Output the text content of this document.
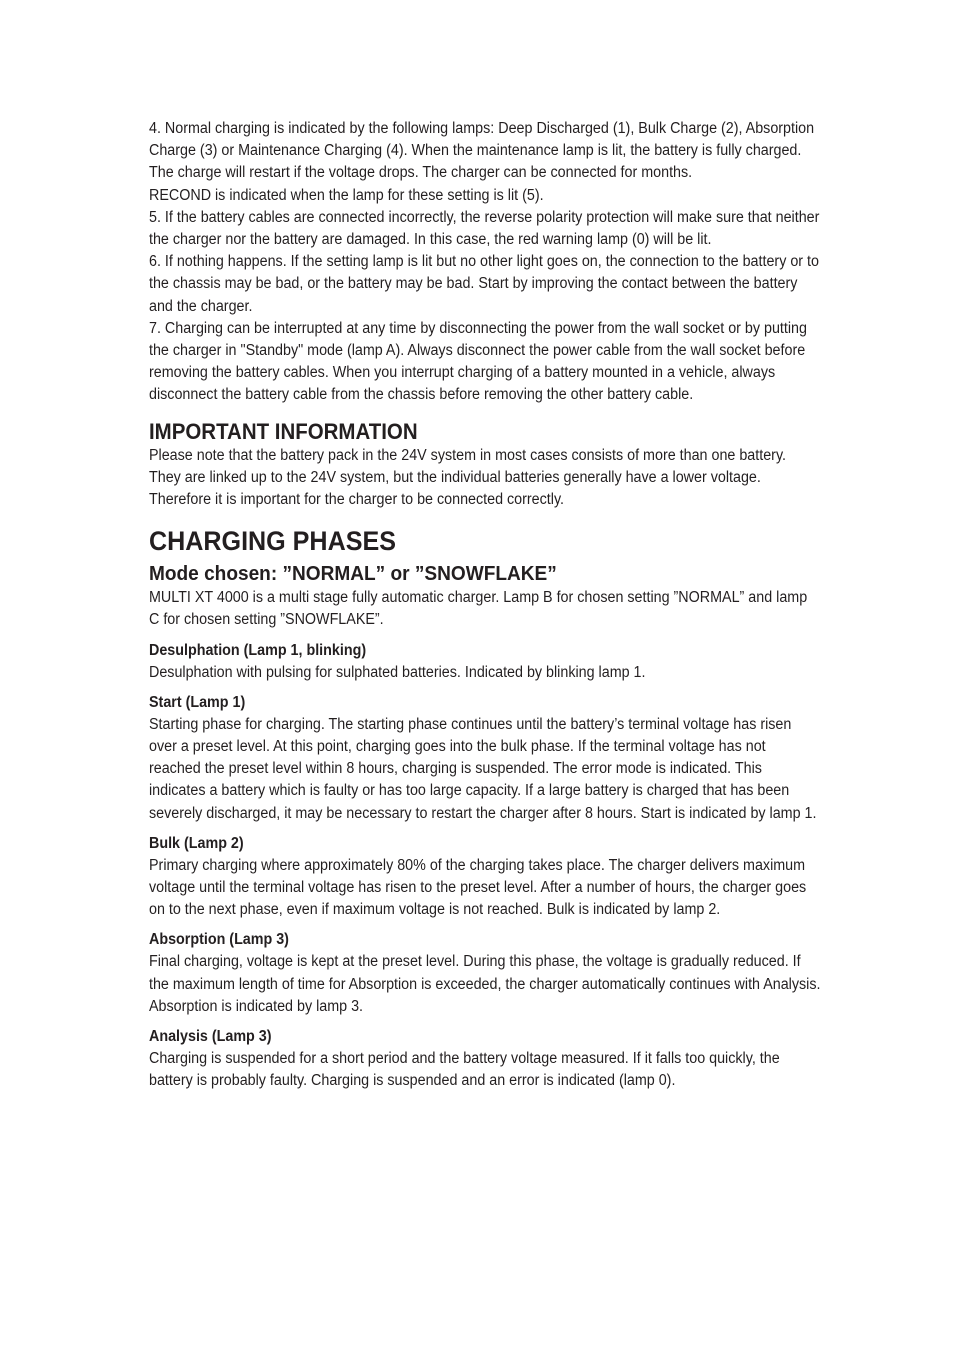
4. Normal charging is indicated by the following lamps: Deep Discharged (1), Bulk Charge (2), Absorption Charge (3) or Maintenance Charging (4). When the maintenance lamp is lit, the battery is fully charged. The charge will restart if the voltage drops. The charger can be connected for months.

RECOND is indicated when the lamp for these setting is lit (5).

5. If the battery cables are connected incorrectly, the reverse polarity protection will make sure that neither the charger nor the battery are damaged. In this case, the red warning lamp (0) will be lit.

6. If nothing happens. If the setting lamp is lit but no other light goes on, the connection to the battery or to the chassis may be bad, or the battery may be bad. Start by improving the contact between the battery and the charger.

7. Charging can be interrupted at any time by disconnecting the power from the wall socket or by putting the charger in "Standby" mode (lamp A). Always disconnect the power cable from the wall socket before removing the battery cables. When you interrupt charging of a battery mounted in a vehicle, always disconnect the battery cable from the chassis before removing the other battery cable.

IMPORTANT INFORMATION

Please note that the battery pack in the 24V system in most cases consists of more than one battery. They are linked up to the 24V system, but the individual batteries generally have a lower voltage. Therefore it is important for the charger to be connected correctly.

CHARGING PHASES
Mode chosen: ”NORMAL” or ”SNOWFLAKE”

MULTI XT 4000 is a multi stage fully automatic charger. Lamp B for chosen setting ”NORMAL” and lamp C for chosen setting ”SNOWFLAKE”.

Desulphation (Lamp 1, blinking)

Desulphation with pulsing for sulphated batteries. Indicated by blinking lamp 1.

Start (Lamp 1)

Starting phase for charging. The starting phase continues until the battery’s terminal voltage has risen over a preset level. At this point, charging goes into the bulk phase. If the terminal voltage has not reached the preset level within 8 hours, charging is suspended. The error mode is indicated. This indicates a battery which is faulty or has too large capacity. If a large battery is charged that has been severely discharged, it may be necessary to restart the charger after 8 hours. Start is indicated by lamp 1.

Bulk (Lamp 2)

Primary charging where approximately 80% of the charging takes place. The charger delivers maximum voltage until the terminal voltage has risen to the preset level. After a number of hours, the charger goes on to the next phase, even if maximum voltage is not reached. Bulk is indicated by lamp 2.

Absorption (Lamp 3)

Final charging, voltage is kept at the preset level. During this phase, the voltage is gradually reduced. If the maximum length of time for Absorption is exceeded, the charger automatically continues with Analysis. Absorption is indicated by lamp 3.

Analysis (Lamp 3)

Charging is suspended for a short period and the battery voltage measured. If it falls too quickly, the battery is probably faulty. Charging is suspended and an error is indicated (lamp 0).
